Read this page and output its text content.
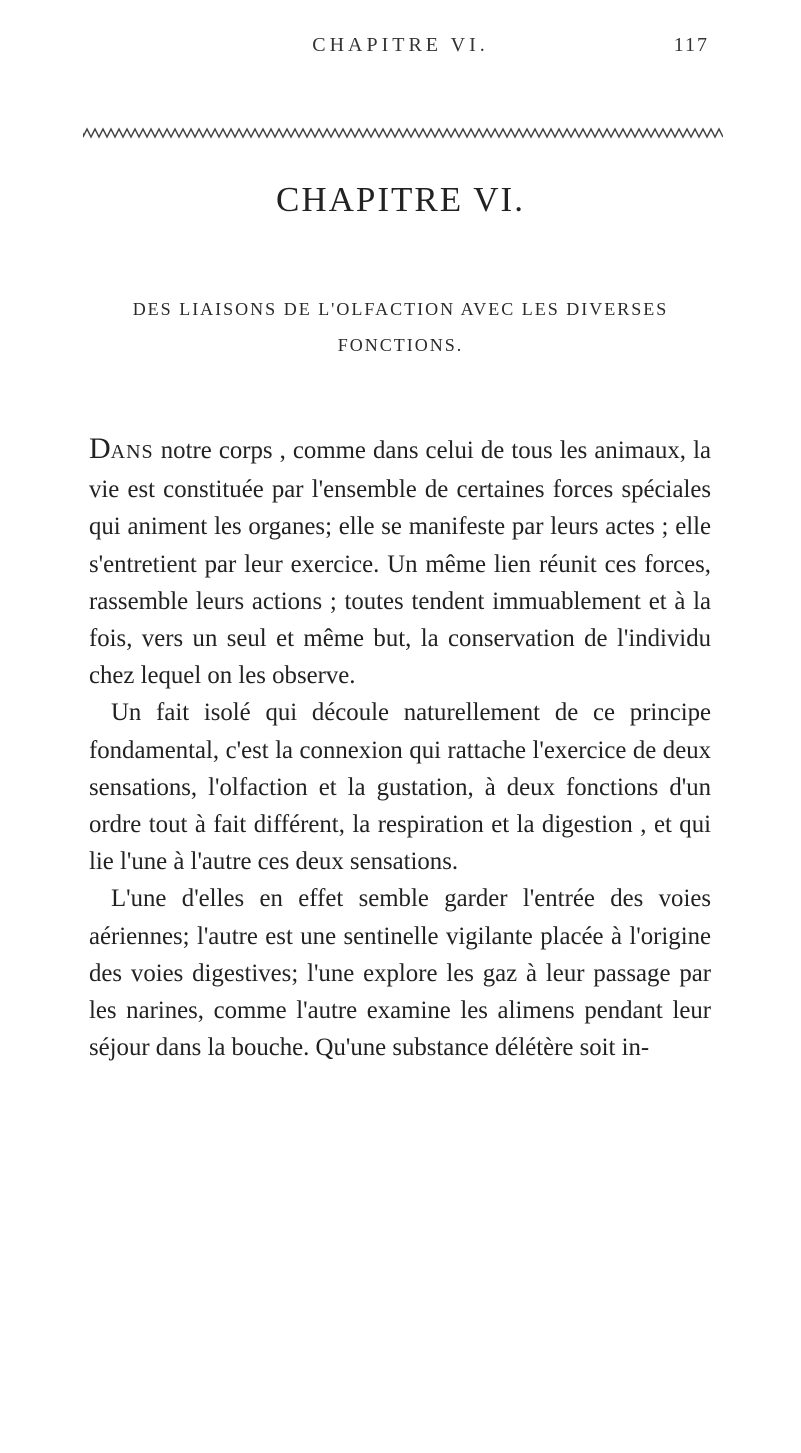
CHAPITRE VI.	117
CHAPITRE VI.
DES LIAISONS DE L'OLFACTION AVEC LES DIVERSES
FONCTIONS.

DANS notre corps , comme dans celui de tous les animaux, la vie est constituée par l'ensemble de certaines forces spéciales qui animent les organes; elle se manifeste par leurs actes ; elle s'entretient par leur exercice. Un même lien réunit ces forces, rassemble leurs actions ; toutes tendent immuablement et à la fois, vers un seul et même but, la conservation de l'individu chez lequel on les observe.

Un fait isolé qui découle naturellement de ce principe fondamental, c'est la connexion qui rattache l'exercice de deux sensations, l'olfaction et la gustation, à deux fonctions d'un ordre tout à fait différent, la respiration et la digestion , et qui lie l'une à l'autre ces deux sensations.

L'une d'elles en effet semble garder l'entrée des voies aériennes; l'autre est une sentinelle vigilante placée à l'origine des voies digestives; l'une explore les gaz à leur passage par les narines, comme l'autre examine les alimens pendant leur séjour dans la bouche. Qu'une substance délétère soit in-
